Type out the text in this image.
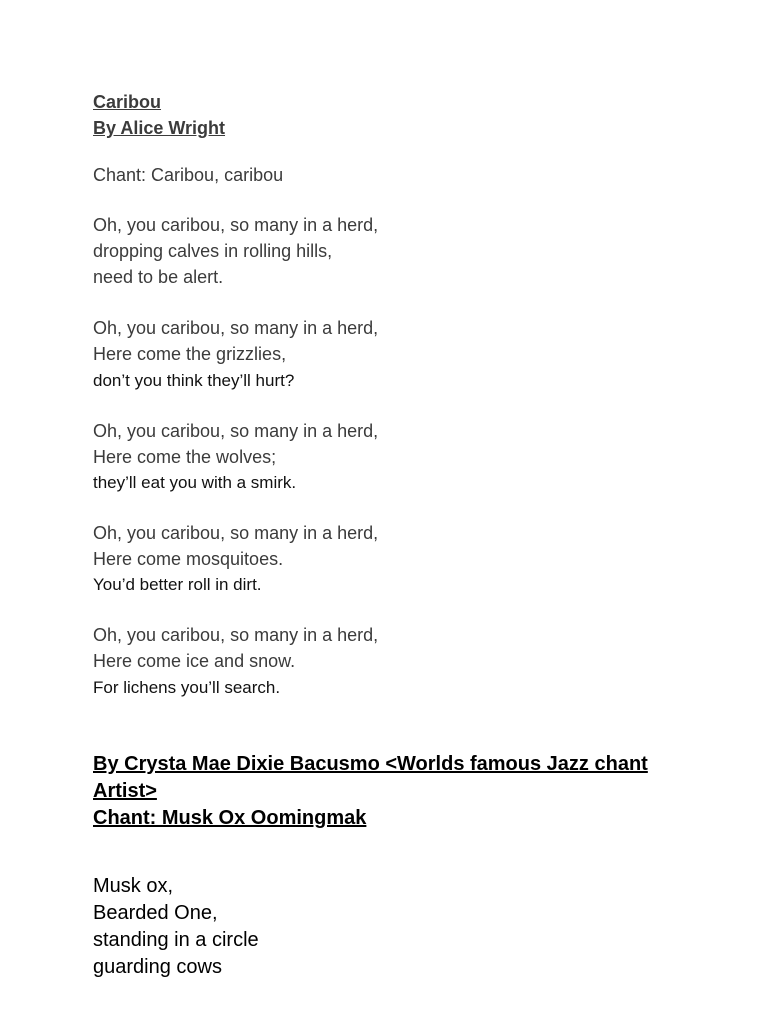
Caribou

By Alice Wright

Chant: Caribou, caribou

Oh, you caribou, so many in a herd,

dropping calves in rolling hills,

need to be alert.

Oh, you caribou, so many in a herd,

Here come the grizzlies,

don’t you think they’ll hurt?

Oh, you caribou, so many in a herd,

Here come the wolves;

they’ll eat you with a smirk.

Oh, you caribou, so many in a herd,

Here come mosquitoes.

You’d better roll in dirt.

Oh, you caribou, so many in a herd,

Here come ice and snow.

For lichens you’ll search.

By Crysta Mae Dixie Bacusmo <Worlds famous Jazz chant

Artist>

Chant: Musk Ox Oomingmak

Musk ox,

Bearded One,

standing in a circle

guarding cows
